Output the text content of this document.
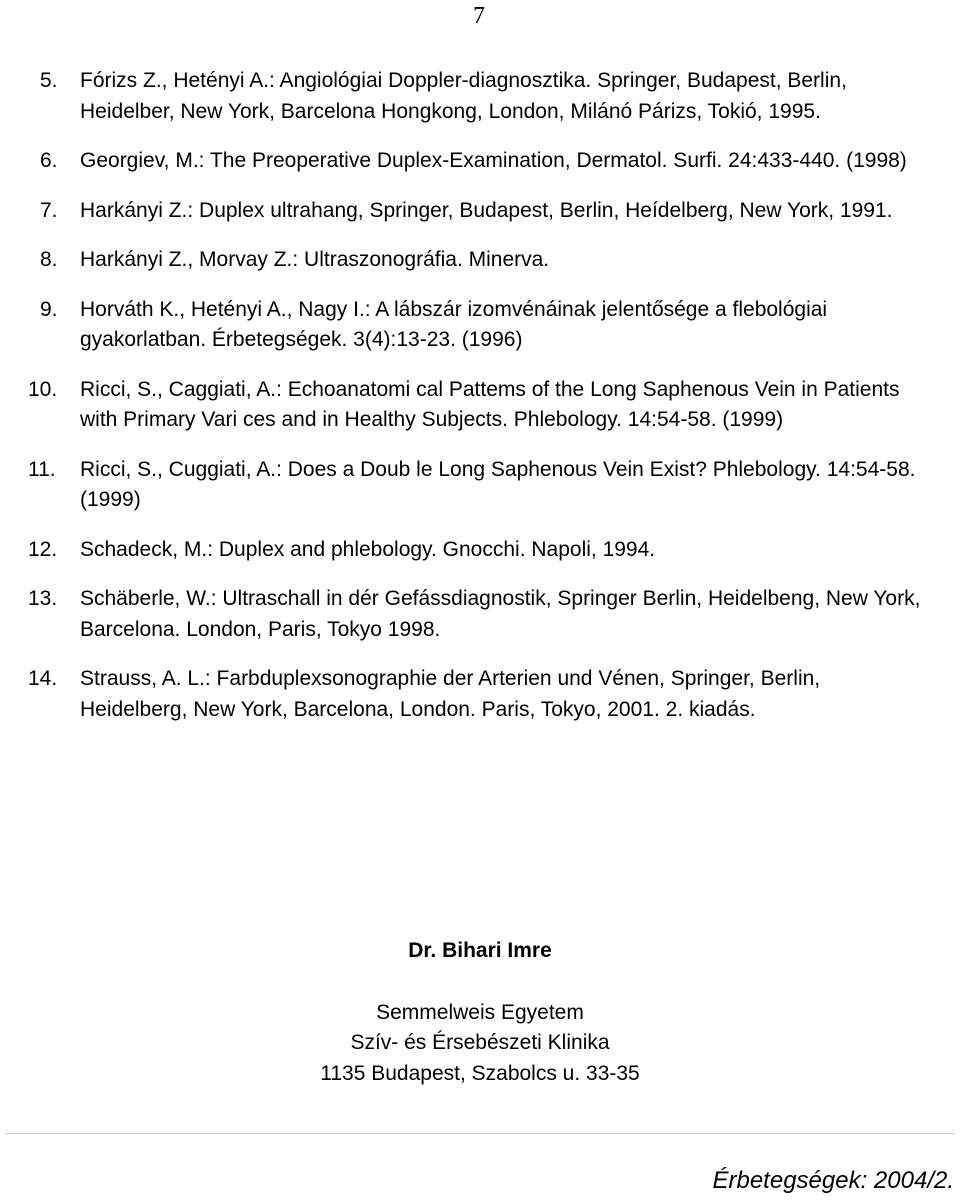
7
5. Fórizs Z., Hetényi A.: Angiológiai Doppler-diagnosztika. Springer, Budapest, Berlin, Heidelber, New York, Barcelona Hongkong, London, Milánó Párizs, Tokió, 1995.
6. Georgiev, M.: The Preoperative Duplex-Examination, Dermatol. Surfi. 24:433-440. (1998)
7. Harkányi Z.: Duplex ultrahang, Springer, Budapest, Berlin, Heídelberg, New York, 1991.
8. Harkányi Z., Morvay Z.: Ultraszonográfia. Minerva.
9. Horváth K., Hetényi A., Nagy I.: A lábszár izomvénáinak jelentősége a flebológiai gyakorlatban. Érbetegségek. 3(4):13-23. (1996)
10. Ricci, S., Caggiati, A.: Echoanatomi cal Pattems of the Long Saphenous Vein in Patients with Primary Vari ces and in Healthy Subjects. Phlebology. 14:54-58. (1999)
11. Ricci, S., Cuggiati, A.: Does a Doub le Long Saphenous Vein Exist? Phlebology. 14:54-58. (1999)
12. Schadeck, M.: Duplex and phlebology. Gnocchi. Napoli, 1994.
13. Schäberle, W.: Ultraschall in dér Gefássdiagnostik, Springer Berlin, Heidelbeng, New York, Barcelona. London, Paris, Tokyo 1998.
14. Strauss, A. L.: Farbduplexsonographie der Arterien und Vénen, Springer, Berlin, Heidelberg, New York, Barcelona, London. Paris, Tokyo, 2001. 2. kiadás.
Dr. Bihari Imre
Semmelweis Egyetem
Szív- és Érsebészeti Klinika
1135 Budapest, Szabolcs u. 33-35
Érbetegségek: 2004/2.
